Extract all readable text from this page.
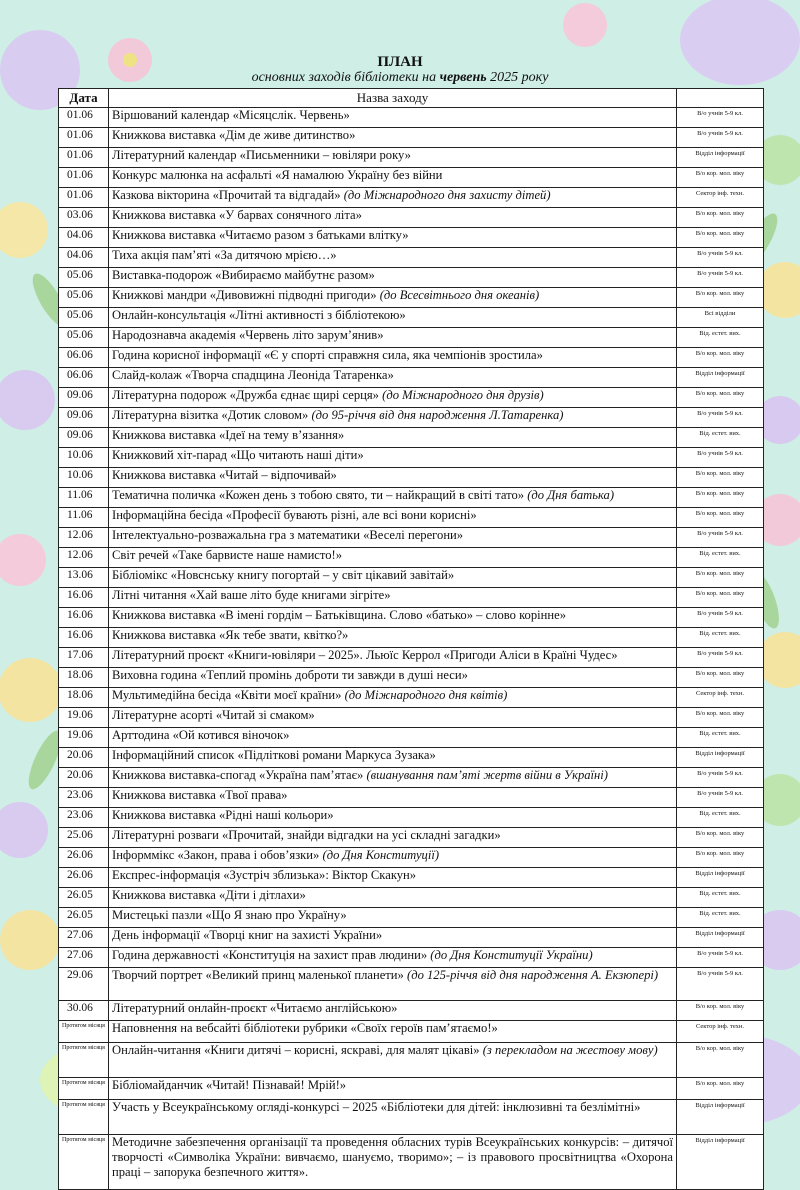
ПЛАН

основних заходів бібліотеки на червень 2025 року

Дата	Назва заходу	
01.06	Віршований календар «Місяцслік. Червень»	В/о учнів 5-9 кл.
01.06	Книжкова виставка «Дім де живе дитинство»	В/о учнів 5-9 кл.
01.06	Літературний календар «Письменники – ювіляри року»	Відділ інформації
01.06	Конкурс малюнка на асфальті «Я намалюю Україну без війни	В/о кор. мол. віку
01.06	Казкова вікторина «Прочитай та відгадай» (до Міжнародного дня захисту дітей)	Сектор інф. техн.
03.06	Книжкова виставка «У барвах сонячного літа»	В/о кор. мол. віку
04.06	Книжкова виставка «Читаємо разом з батьками влітку»	В/о кор. мол. віку
04.06	Тиха акція пам’яті «За дитячою мрією…»	В/о учнів 5-9 кл.
05.06	Виставка-подорож «Вибираємо майбутнє разом»	В/о учнів 5-9 кл.
05.06	Книжкові мандри «Дивовижні підводні пригоди» (до Всесвітнього дня океанів)	В/о кор. мол. віку
05.06	Онлайн-консультація «Літні активності з бібліотекою»	Всі відділи
05.06	Народознавча академія «Червень літо зарум’янив»	Від. естет. вих.
06.06	Година корисної інформації «Є у спорті справжня сила, яка чемпіонів зростила»	В/о кор. мол. віку
06.06	Слайд-колаж «Творча спадщина Леоніда Татаренка»	Відділ інформації
09.06	Літературна подорож «Дружба єднає щирі серця» (до Міжнародного дня друзів)	В/о кор. мол. віку
09.06	Літературна візитка «Дотик словом» (до 95-річчя від дня народження Л.Татаренка)	В/о учнів 5-9 кл.
09.06	Книжкова виставка «Ідеї на тему в’язання»	Від. естет. вих.
10.06	Книжковий хіт-парад «Що читають наші діти»	В/о учнів 5-9 кл.
10.06	Книжкова виставка «Читай – відпочивай»	В/о кор. мол. віку
11.06	Тематична поличка «Кожен день з тобою свято, ти – найкращий в світі тато» (до Дня батька)	В/о кор. мол. віку
11.06	Інформаційна бесіда «Професії бувають різні, але всі вони корисні»	В/о кор. мол. віку
12.06	Інтелектуально-розважальна гра з математики «Веселі перегони»	В/о учнів 5-9 кл.
12.06	Світ речей «Таке барвисте наше намисто!»	Від. естет. вих.
13.06	Бібліомікс «Новснську книгу погортай – у світ цікавий завітай»	В/о кор. мол. віку
16.06	Літні читання «Хай ваше літо буде книгами зігріте»	В/о кор. мол. віку
16.06	Книжкова виставка «В імені гордім – Батьківщина. Слово «батько» – слово корінне»	В/о учнів 5-9 кл.
16.06	Книжкова виставка «Як тебе звати, квітко?»	Від. естет. вих.
17.06	Літературний проєкт «Книги-ювіляри – 2025». Льюїс Керрол «Пригоди Аліси в Країні Чудес»	В/о учнів 5-9 кл.
18.06	Виховна година «Теплий промінь доброти ти завжди в душі неси»	В/о кор. мол. віку
18.06	Мультимедійна бесіда «Квіти моєї країни» (до Міжнародного дня квітів)	Сектор інф. техн.
19.06	Літературне асорті «Читай зі смаком»	В/о кор. мол. віку
19.06	Арттодина «Ой котився віночок»	Від. естет. вих.
20.06	Інформаційний список «Підліткові романи Маркуса Зузака»	Відділ інформації
20.06	Книжкова виставка-спогад «Україна пам’ятає» (вшанування пам’яті жертв війни в Україні)	В/о учнів 5-9 кл.
23.06	Книжкова виставка «Твої права»	В/о учнів 5-9 кл.
23.06	Книжкова виставка «Рідні наші кольори»	Від. естет. вих.
25.06	Літературні розваги «Прочитай, знайди відгадки на усі складні загадки»	В/о кор. мол. віку
26.06	Інформмікс «Закон, права і обов’язки» (до Дня Конституції)	В/о кор. мол. віку
26.06	Експрес-інформація «Зустріч зблизька»: Віктор Скакун»	Відділ інформації
26.05	Книжкова виставка «Діти і дітлахи»	Від. естет. вих.
26.05	Мистецькі пазли «Що Я знаю про Україну»	Від. естет. вих.
27.06	День інформації «Творці книг на захисті України»	Відділ інформації
27.06	Година державності «Конституція на захист прав людини» (до Дня Конституції України)	В/о учнів 5-9 кл.
29.06	Творчий портрет «Великий принц маленької планети» (до 125-річчя від дня народження А. Екзюпері)	В/о учнів 5-9 кл.
30.06	Літературний онлайн-проєкт «Читаємо англійською»	В/о кор. мол. віку
Протягом місяця	Наповнення на вебсайті бібліотеки рубрики «Своїх героїв пам’ятаємо!»	Сектор інф. техн.
Протягом місяця	Онлайн-читання «Книги дитячі – корисні, яскраві, для малят цікаві» (з перекладом на жестову мову)	В/о кор. мол. віку
Протягом місяця	Бібліомайданчик «Читай! Пізнавай! Мрій!»	В/о кор. мол. віку
Протягом місяця	Участь у Всеукраїнському огляді-конкурсі – 2025 «Бібліотеки для дітей: інклюзивні та безлімітні»	Відділ інформації
Протягом місяця	Методичне забезпечення організації та проведення обласних турів Всеукраїнських конкурсів: – дитячої творчості «Символіка України: вивчаємо, шануємо, творимо»; – із правового просвітництва «Охорона праці – запорука безпечного життя».	Відділ інформації
